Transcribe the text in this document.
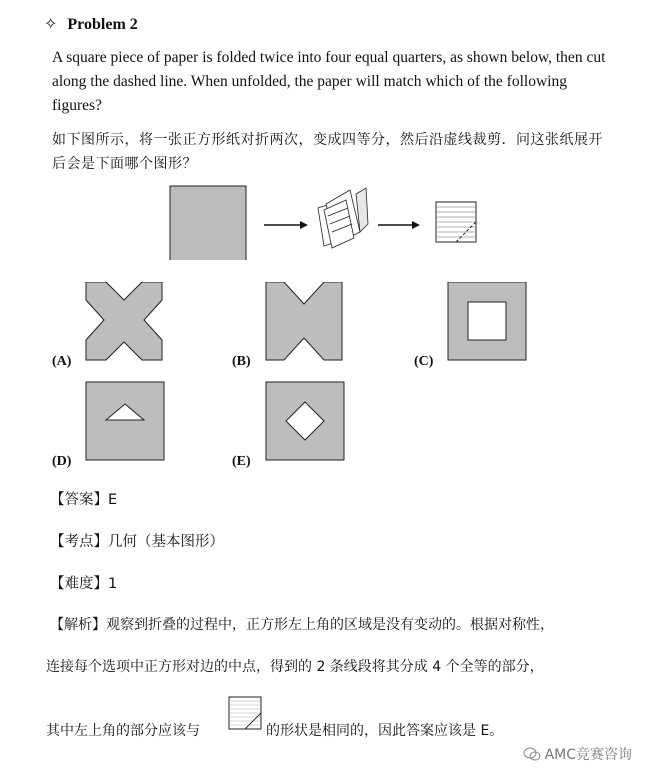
✧ Problem 2
A square piece of paper is folded twice into four equal quarters, as shown below, then cut along the dashed line. When unfolded, the paper will match which of the following figures?
如下图所示，将一张正方形纸对折两次，变成四等分，然后沿虚线裁剪．问这张纸展开后会是下面哪个图形？
(A)	(B)	(C)
(D)	(E)
【答案】E
【考点】几何（基本图形）
【难度】1
【解析】观察到折叠的过程中，正方形左上角的区域是没有变动的。根据对称性，
连接每个选项中正方形对边的中点，得到的 2 条线段将其分成 4 个全等的部分，
其中左上角的部分应该与	的形状是相同的，因此答案应该是 E。
AMC竞赛咨询
